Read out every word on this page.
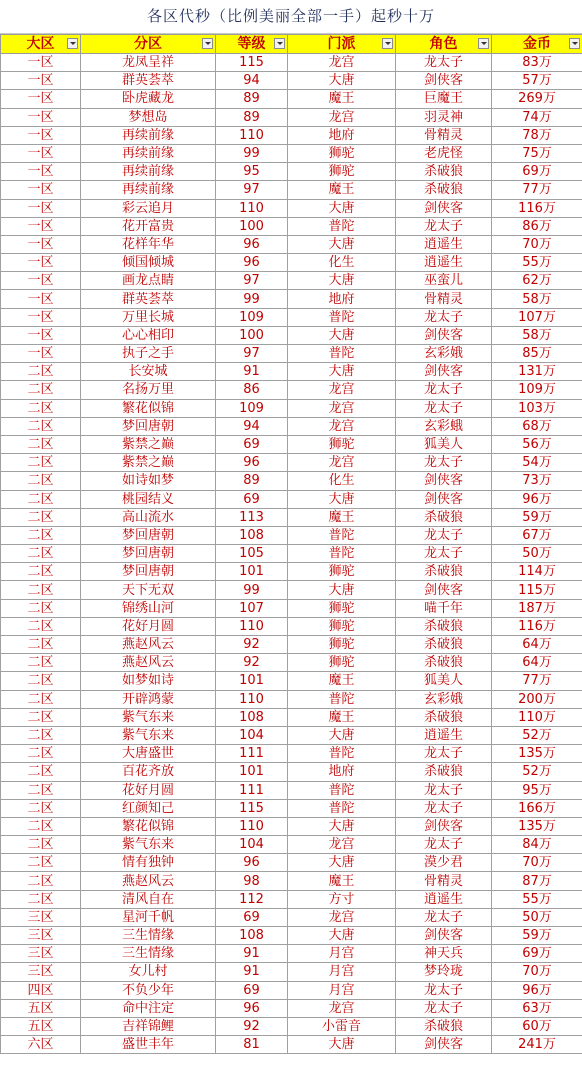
各区代秒（比例美丽全部一手）起秒十万
大区	分区	等级	门派	角色	金币

一区	龙凤呈祥	115	龙宫	龙太子	83万
一区	群英荟萃	94	大唐	剑侠客	57万
一区	卧虎藏龙	89	魔王	巨魔王	269万
一区	梦想岛	89	龙宫	羽灵神	74万
一区	再续前缘	110	地府	骨精灵	78万
一区	再续前缘	99	狮驼	老虎怪	75万
一区	再续前缘	95	狮驼	杀破狼	69万
一区	再续前缘	97	魔王	杀破狼	77万
一区	彩云追月	110	大唐	剑侠客	116万
一区	花开富贵	100	普陀	龙太子	86万
一区	花样年华	96	大唐	逍遥生	70万
一区	倾国倾城	96	化生	逍遥生	55万
一区	画龙点睛	97	大唐	巫蛮儿	62万
一区	群英荟萃	99	地府	骨精灵	58万
一区	万里长城	109	普陀	龙太子	107万
一区	心心相印	100	大唐	剑侠客	58万
一区	执子之手	97	普陀	玄彩娥	85万
二区	长安城	91	大唐	剑侠客	131万
二区	名扬万里	86	龙宫	龙太子	109万
二区	繁花似锦	109	龙宫	龙太子	103万
二区	梦回唐朝	94	龙宫	玄彩蛾	68万
二区	紫禁之巅	69	狮驼	狐美人	56万
二区	紫禁之巅	96	龙宫	龙太子	54万
二区	如诗如梦	89	化生	剑侠客	73万
二区	桃园结义	69	大唐	剑侠客	96万
二区	高山流水	113	魔王	杀破狼	59万
二区	梦回唐朝	108	普陀	龙太子	67万
二区	梦回唐朝	105	普陀	龙太子	50万
二区	梦回唐朝	101	狮驼	杀破狼	114万
二区	天下无双	99	大唐	剑侠客	115万
二区	锦绣山河	107	狮驼	喵千年	187万
二区	花好月圆	110	狮驼	杀破狼	116万
二区	燕赵风云	92	狮驼	杀破狼	64万
二区	燕赵风云	92	狮驼	杀破狼	64万
二区	如梦如诗	101	魔王	狐美人	77万
二区	开辟鸿蒙	110	普陀	玄彩娥	200万
二区	紫气东来	108	魔王	杀破狼	110万
二区	紫气东来	104	大唐	逍遥生	52万
二区	大唐盛世	111	普陀	龙太子	135万
二区	百花齐放	101	地府	杀破狼	52万
二区	花好月圆	111	普陀	龙太子	95万
二区	红颜知己	115	普陀	龙太子	166万
二区	繁花似锦	110	大唐	剑侠客	135万
二区	紫气东来	104	龙宫	龙太子	84万
二区	情有独钟	96	大唐	漠少君	70万
二区	燕赵风云	98	魔王	骨精灵	87万
二区	清风自在	112	方寸	逍遥生	55万
三区	星河千帆	69	龙宫	龙太子	50万
三区	三生情缘	108	大唐	剑侠客	59万
三区	三生情缘	91	月宫	神天兵	69万
三区	女儿村	91	月宫	梦玲珑	70万
四区	不负少年	69	月宫	龙太子	96万
五区	命中注定	96	龙宫	龙太子	63万
五区	吉祥锦鲤	92	小雷音	杀破狼	60万
六区	盛世丰年	81	大唐	剑侠客	241万
